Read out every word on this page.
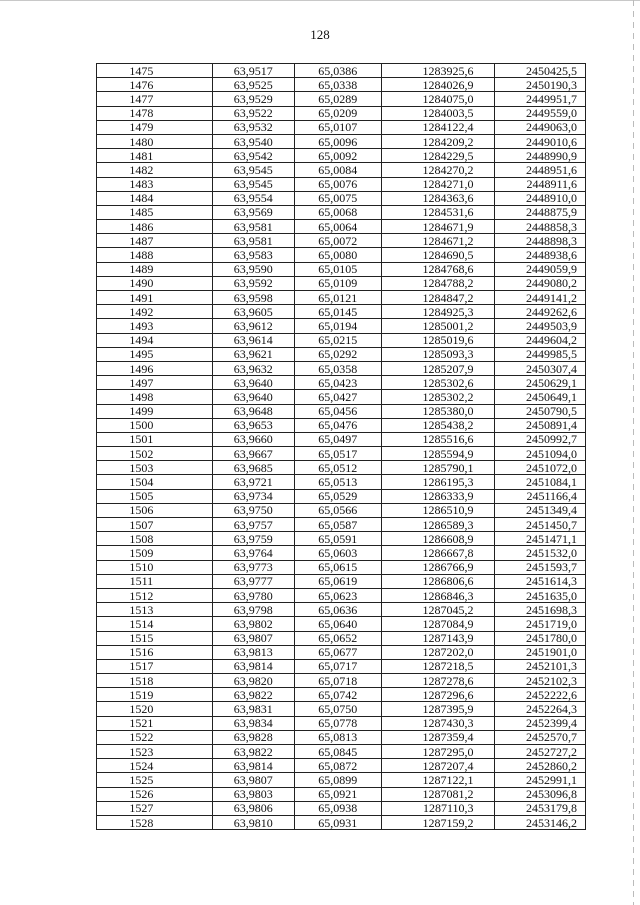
128
1475	63,9517	65,0386	1283925,6	2450425,5
1476	63,9525	65,0338	1284026,9	2450190,3
1477	63,9529	65,0289	1284075,0	2449951,7
1478	63,9522	65,0209	1284003,5	2449559,0
1479	63,9532	65,0107	1284122,4	2449063,0
1480	63,9540	65,0096	1284209,2	2449010,6
1481	63,9542	65,0092	1284229,5	2448990,9
1482	63,9545	65,0084	1284270,2	2448951,6
1483	63,9545	65,0076	1284271,0	2448911,6
1484	63,9554	65,0075	1284363,6	2448910,0
1485	63,9569	65,0068	1284531,6	2448875,9
1486	63,9581	65,0064	1284671,9	2448858,3
1487	63,9581	65,0072	1284671,2	2448898,3
1488	63,9583	65,0080	1284690,5	2448938,6
1489	63,9590	65,0105	1284768,6	2449059,9
1490	63,9592	65,0109	1284788,2	2449080,2
1491	63,9598	65,0121	1284847,2	2449141,2
1492	63,9605	65,0145	1284925,3	2449262,6
1493	63,9612	65,0194	1285001,2	2449503,9
1494	63,9614	65,0215	1285019,6	2449604,2
1495	63,9621	65,0292	1285093,3	2449985,5
1496	63,9632	65,0358	1285207,9	2450307,4
1497	63,9640	65,0423	1285302,6	2450629,1
1498	63,9640	65,0427	1285302,2	2450649,1
1499	63,9648	65,0456	1285380,0	2450790,5
1500	63,9653	65,0476	1285438,2	2450891,4
1501	63,9660	65,0497	1285516,6	2450992,7
1502	63,9667	65,0517	1285594,9	2451094,0
1503	63,9685	65,0512	1285790,1	2451072,0
1504	63,9721	65,0513	1286195,3	2451084,1
1505	63,9734	65,0529	1286333,9	2451166,4
1506	63,9750	65,0566	1286510,9	2451349,4
1507	63,9757	65,0587	1286589,3	2451450,7
1508	63,9759	65,0591	1286608,9	2451471,1
1509	63,9764	65,0603	1286667,8	2451532,0
1510	63,9773	65,0615	1286766,9	2451593,7
1511	63,9777	65,0619	1286806,6	2451614,3
1512	63,9780	65,0623	1286846,3	2451635,0
1513	63,9798	65,0636	1287045,2	2451698,3
1514	63,9802	65,0640	1287084,9	2451719,0
1515	63,9807	65,0652	1287143,9	2451780,0
1516	63,9813	65,0677	1287202,0	2451901,0
1517	63,9814	65,0717	1287218,5	2452101,3
1518	63,9820	65,0718	1287278,6	2452102,3
1519	63,9822	65,0742	1287296,6	2452222,6
1520	63,9831	65,0750	1287395,9	2452264,3
1521	63,9834	65,0778	1287430,3	2452399,4
1522	63,9828	65,0813	1287359,4	2452570,7
1523	63,9822	65,0845	1287295,0	2452727,2
1524	63,9814	65,0872	1287207,4	2452860,2
1525	63,9807	65,0899	1287122,1	2452991,1
1526	63,9803	65,0921	1287081,2	2453096,8
1527	63,9806	65,0938	1287110,3	2453179,8
1528	63,9810	65,0931	1287159,2	2453146,2
